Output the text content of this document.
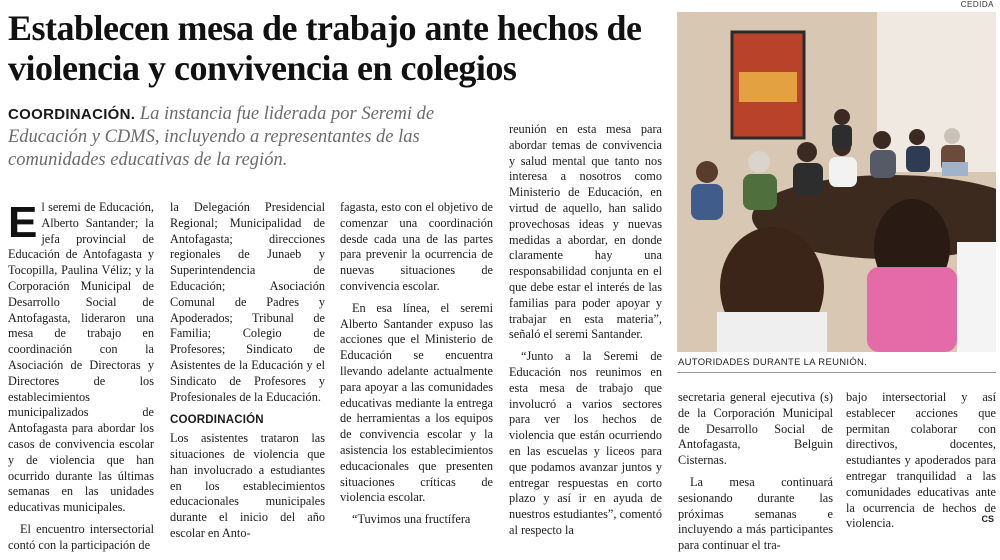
CEDIDA
Establecen mesa de trabajo ante hechos de violencia y convivencia en colegios

COORDINACIÓN. La instancia fue liderada por Seremi de Educación y CDMS, incluyendo a representantes de las comunidades educativas de la región.

E l seremi de Educación, Alberto Santander; la jefa provincial de Educación de Antofagasta y Tocopilla, Paulina Véliz; y la Corporación Municipal de Desarrollo Social de Antofagasta, lideraron una mesa de trabajo en coordinación con la Asociación de Directoras y Directores de los establecimientos municipalizados de Antofagasta para abordar los casos de convivencia escolar y de violencia que han ocurrido durante las últimas semanas en las unidades educativas municipales.

El encuentro intersectorial contó con la participación de

la Delegación Presidencial Regional; Municipalidad de Antofagasta; direcciones regionales de Junaeb y Superintendencia de Educación; Asociación Comunal de Padres y Apoderados; Tribunal de Familia; Colegio de Profesores; Sindicato de Asistentes de la Educación y el Sindicato de Profesores y Profesionales de la Educación.

COORDINACIÓN

Los asistentes trataron las situaciones de violencia que han involucrado a estudiantes en los establecimientos educacionales municipales durante el inicio del año escolar en Anto-

fagasta, esto con el objetivo de comenzar una coordinación desde cada una de las partes para prevenir la ocurrencia de nuevas situaciones de convivencia escolar.

En esa línea, el seremi Alberto Santander expuso las acciones que el Ministerio de Educación se encuentra llevando adelante actualmente para apoyar a las comunidades educativas mediante la entrega de herramientas a los equipos de convivencia escolar y la asistencia los establecimientos educacionales que presenten situaciones críticas de violencia escolar.

“Tuvimos una fructífera

reunión en esta mesa para abordar temas de convivencia y salud mental que tanto nos interesa a nosotros como Ministerio de Educación, en virtud de aquello, han salido provechosas ideas y nuevas medidas a abordar, en donde claramente hay una responsabilidad conjunta en el que debe estar el interés de las familias para poder apoyar y trabajar en esta materia”, señaló el seremi Santander.

“Junto a la Seremi de Educación nos reunimos en esta mesa de trabajo que involucró a varios sectores para ver los hechos de violencia que están ocurriendo en las escuelas y liceos para que podamos avanzar juntos y entregar respuestas en corto plazo y así ir en ayuda de nuestros estudiantes”, comentó al respecto la

AUTORIDADES DURANTE LA REUNIÓN.

secretaria general ejecutiva (s) de la Corporación Municipal de Desarrollo Social de Antofagasta, Belguin Cisternas.

La mesa continuará sesionando durante las próximas semanas e incluyendo a más participantes para continuar el tra-

bajo intersectorial y así establecer acciones que permitan colaborar con directivos, docentes, estudiantes y apoderados para entregar tranquilidad a las comunidades educativas ante la ocurrencia de hechos de violencia.	CS
